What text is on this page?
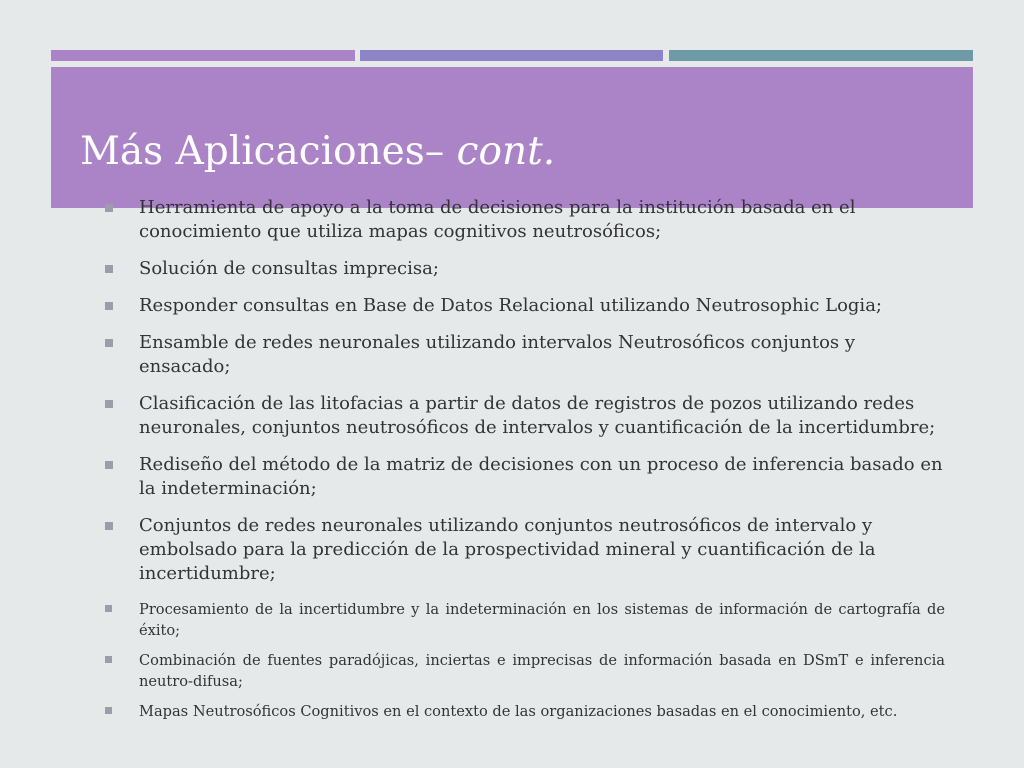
Más Aplicaciones– cont.
Herramienta de apoyo a la toma de decisiones para la institución basada en el conocimiento que utiliza mapas cognitivos neutrosóficos;
Solución de consultas imprecisa;
Responder consultas en Base de Datos Relacional utilizando Neutrosophic Logia;
Ensamble de redes neuronales utilizando intervalos Neutrosóficos conjuntos y ensacado;
Clasificación de las litofacias a partir de datos de registros de pozos utilizando redes neuronales, conjuntos neutrosóficos de intervalos y cuantificación de la incertidumbre;
Rediseño del método de la matriz de decisiones con un proceso de inferencia basado en la indeterminación;
Conjuntos de redes neuronales utilizando conjuntos neutrosóficos de intervalo y embolsado para la predicción de la prospectividad mineral y cuantificación de la incertidumbre;
Procesamiento de la incertidumbre y la indeterminación en los sistemas de información de cartografía de éxito;
Combinación de fuentes paradójicas, inciertas e imprecisas de información basada en DSmT e inferencia neutro-difusa;
Mapas Neutrosóficos Cognitivos en el contexto de las organizaciones basadas en el conocimiento, etc.
